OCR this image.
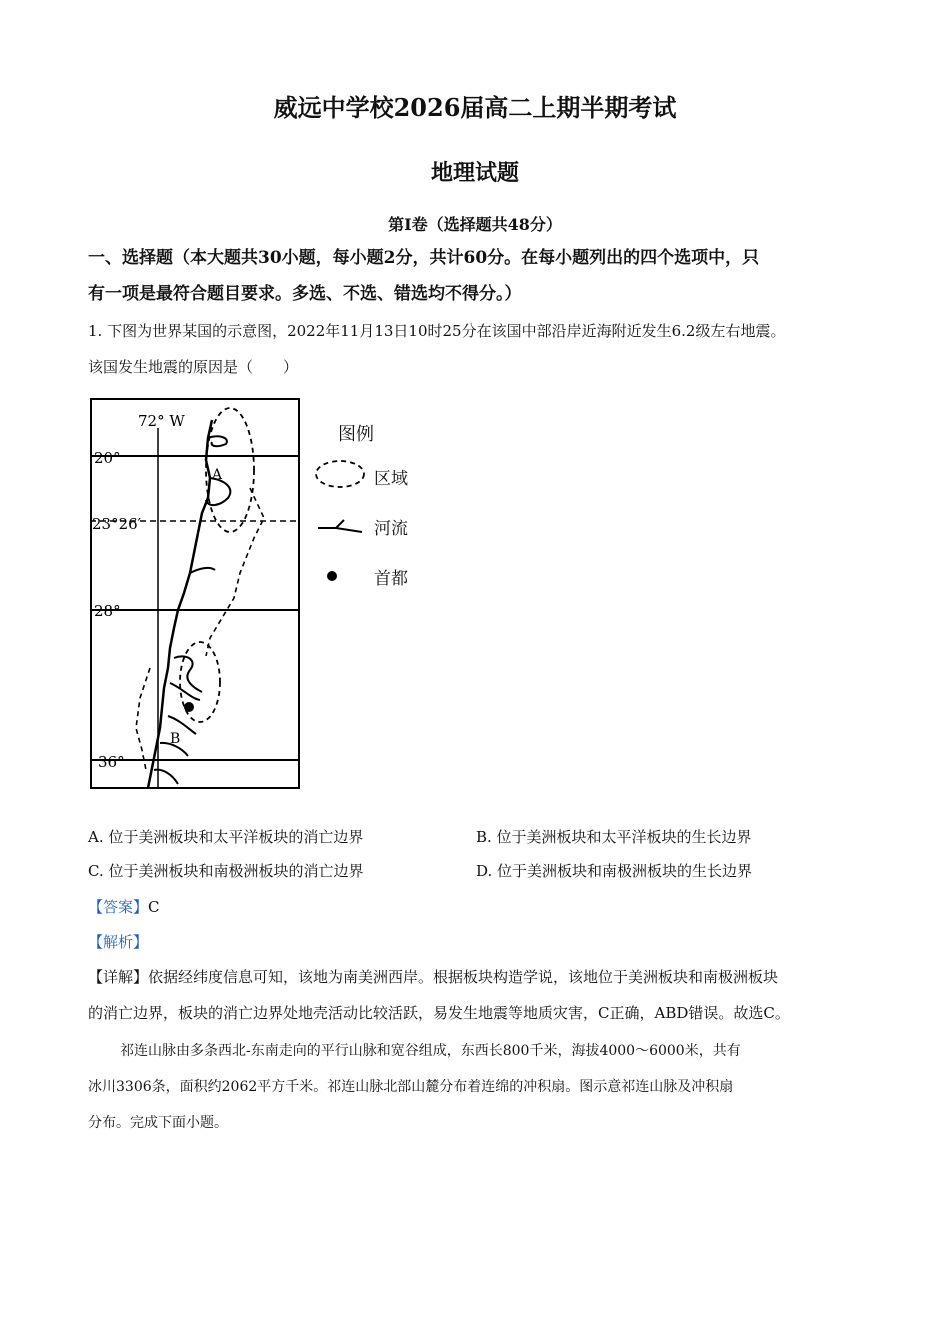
威远中学校2026届高二上期半期考试
地理试题
第I卷（选择题共48分）
一、选择题（本大题共30小题，每小题2分，共计60分。在每小题列出的四个选项中，只
有一项是最符合题目要求。多选、不选、错选均不得分。）
1. 下图为世界某国的示意图，2022年11月13日10时25分在该国中部沿岸近海附近发生6.2级左右地震。
该国发生地震的原因是（　　）
72° W
20°
23°26′
28°
36°
A
B
图例
区域
河流
首都
A. 位于美洲板块和太平洋板块的消亡边界	B. 位于美洲板块和太平洋板块的生长边界
C. 位于美洲板块和南极洲板块的消亡边界	D. 位于美洲板块和南极洲板块的生长边界
【答案】C
【解析】
【详解】依据经纬度信息可知，该地为南美洲西岸。根据板块构造学说，该地位于美洲板块和南极洲板块
的消亡边界，板块的消亡边界处地壳活动比较活跃，易发生地震等地质灾害，C正确，ABD错误。故选C。
祁连山脉由多条西北-东南走向的平行山脉和宽谷组成，东西长800千米，海拔4000～6000米，共有
冰川3306条，面积约2062平方千米。祁连山脉北部山麓分布着连绵的冲积扇。图示意祁连山脉及冲积扇
分布。完成下面小题。
